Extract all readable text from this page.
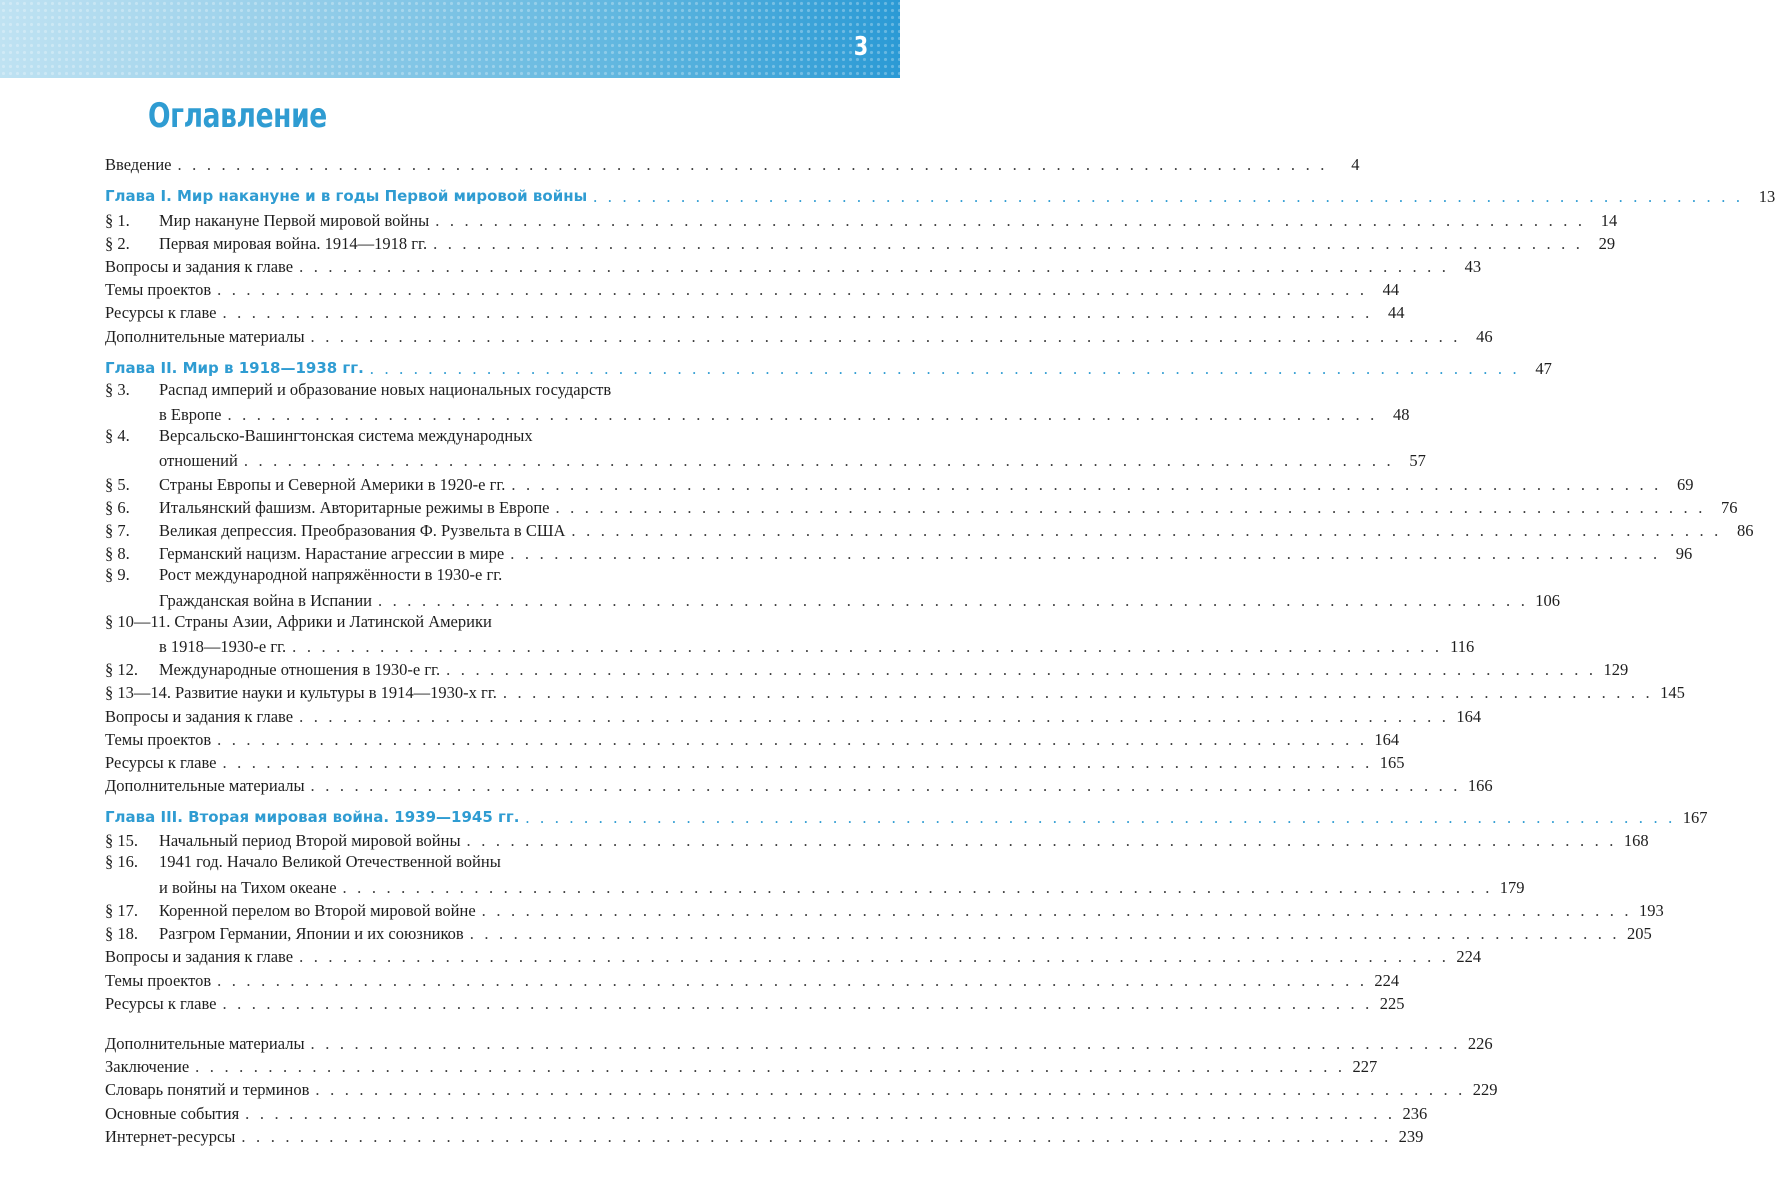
3
Оглавление
Введение . . . . . . . . . . . . . . . . . . . . . . . . . . . . . . . . . . . . . . . . . . . . . . . . . . . . . . . . . . . . . . . . . . . . . . . . . . . . . . .	4
Глава I. Мир накануне и в годы Первой мировой войны . . . . . . . . . . . . . . . . . . . . . . . . . . . . . . . . . . . . . . . . . . . . . . . . . . . . . . . . . . . . . . . . . . . . . . . . . . . . . . . 13
§ 1.	Мир накануне Первой мировой войны . . . . . . . . . . . . . . . . . . . . . . . . . . . . . . . . . . . . . . . . . . . . . . . . . . . . . . . . . . . . . . . . . . . . . . . . . . . . . . . 14
§ 2.	Первая мировая война. 1914—1918 гг. . . . . . . . . . . . . . . . . . . . . . . . . . . . . . . . . . . . . . . . . . . . . . . . . . . . . . . . . . . . . . . . . . . . . . . . . . . . . . . . 29
Вопросы и задания к главе . . . . . . . . . . . . . . . . . . . . . . . . . . . . . . . . . . . . . . . . . . . . . . . . . . . . . . . . . . . . . . . . . . . . . . . . . . . . . . . 43
Темы проектов . . . . . . . . . . . . . . . . . . . . . . . . . . . . . . . . . . . . . . . . . . . . . . . . . . . . . . . . . . . . . . . . . . . . . . . . . . . . . . . 44
Ресурсы к главе . . . . . . . . . . . . . . . . . . . . . . . . . . . . . . . . . . . . . . . . . . . . . . . . . . . . . . . . . . . . . . . . . . . . . . . . . . . . . . . 44
Дополнительные материалы . . . . . . . . . . . . . . . . . . . . . . . . . . . . . . . . . . . . . . . . . . . . . . . . . . . . . . . . . . . . . . . . . . . . . . . . . . . . . . . 46
Глава II. Мир в 1918—1938 гг. . . . . . . . . . . . . . . . . . . . . . . . . . . . . . . . . . . . . . . . . . . . . . . . . . . . . . . . . . . . . . . . . . . . . . . . . . . . . . . . 47
§ 3.	Распад империй и образование новых национальных государств
в Европе . . . . . . . . . . . . . . . . . . . . . . . . . . . . . . . . . . . . . . . . . . . . . . . . . . . . . . . . . . . . . . . . . . . . . . . . . . . . . . . 48
§ 4.	Версальско-Вашингтонская система международных
отношений . . . . . . . . . . . . . . . . . . . . . . . . . . . . . . . . . . . . . . . . . . . . . . . . . . . . . . . . . . . . . . . . . . . . . . . . . . . . . . . 57
§ 5.	Страны Европы и Северной Америки в 1920-е гг. . . . . . . . . . . . . . . . . . . . . . . . . . . . . . . . . . . . . . . . . . . . . . . . . . . . . . . . . . . . . . . . . . . . . . . . . . . . . . . . 69
§ 6.	Итальянский фашизм. Авторитарные режимы в Европе . . . . . . . . . . . . . . . . . . . . . . . . . . . . . . . . . . . . . . . . . . . . . . . . . . . . . . . . . . . . . . . . . . . . . . . . . . . . . . . 76
§ 7.	Великая депрессия. Преобразования Ф. Рузвельта в США . . . . . . . . . . . . . . . . . . . . . . . . . . . . . . . . . . . . . . . . . . . . . . . . . . . . . . . . . . . . . . . . . . . . . . . . . . . . . . . 86
§ 8.	Германский нацизм. Нарастание агрессии в мире . . . . . . . . . . . . . . . . . . . . . . . . . . . . . . . . . . . . . . . . . . . . . . . . . . . . . . . . . . . . . . . . . . . . . . . . . . . . . . . 96
§ 9.	Рост международной напряжённости в 1930-е гг.
Гражданская война в Испании . . . . . . . . . . . . . . . . . . . . . . . . . . . . . . . . . . . . . . . . . . . . . . . . . . . . . . . . . . . . . . . . . . . . . . . . . . . . . . . 106
§ 10—11. Страны Азии, Африки и Латинской Америки
в 1918—1930-е гг. . . . . . . . . . . . . . . . . . . . . . . . . . . . . . . . . . . . . . . . . . . . . . . . . . . . . . . . . . . . . . . . . . . . . . . . . . . . . . . . 116
§ 12.	Международные отношения в 1930-е гг. . . . . . . . . . . . . . . . . . . . . . . . . . . . . . . . . . . . . . . . . . . . . . . . . . . . . . . . . . . . . . . . . . . . . . . . . . . . . . . . 129
§ 13—14. Развитие науки и культуры в 1914—1930-х гг. . . . . . . . . . . . . . . . . . . . . . . . . . . . . . . . . . . . . . . . . . . . . . . . . . . . . . . . . . . . . . . . . . . . . . . . . . . . . . . . 145
Вопросы и задания к главе . . . . . . . . . . . . . . . . . . . . . . . . . . . . . . . . . . . . . . . . . . . . . . . . . . . . . . . . . . . . . . . . . . . . . . . . . . . . . . . 164
Темы проектов . . . . . . . . . . . . . . . . . . . . . . . . . . . . . . . . . . . . . . . . . . . . . . . . . . . . . . . . . . . . . . . . . . . . . . . . . . . . . . . 164
Ресурсы к главе . . . . . . . . . . . . . . . . . . . . . . . . . . . . . . . . . . . . . . . . . . . . . . . . . . . . . . . . . . . . . . . . . . . . . . . . . . . . . . . 165
Дополнительные материалы . . . . . . . . . . . . . . . . . . . . . . . . . . . . . . . . . . . . . . . . . . . . . . . . . . . . . . . . . . . . . . . . . . . . . . . . . . . . . . . 166
Глава III. Вторая мировая война. 1939—1945 гг. . . . . . . . . . . . . . . . . . . . . . . . . . . . . . . . . . . . . . . . . . . . . . . . . . . . . . . . . . . . . . . . . . . . . . . . . . . . . . . . 167
§ 15.	Начальный период Второй мировой войны . . . . . . . . . . . . . . . . . . . . . . . . . . . . . . . . . . . . . . . . . . . . . . . . . . . . . . . . . . . . . . . . . . . . . . . . . . . . . . . 168
§ 16.	1941 год. Начало Великой Отечественной войны
и войны на Тихом океане . . . . . . . . . . . . . . . . . . . . . . . . . . . . . . . . . . . . . . . . . . . . . . . . . . . . . . . . . . . . . . . . . . . . . . . . . . . . . . . 179
§ 17.	Коренной перелом во Второй мировой войне . . . . . . . . . . . . . . . . . . . . . . . . . . . . . . . . . . . . . . . . . . . . . . . . . . . . . . . . . . . . . . . . . . . . . . . . . . . . . . . 193
§ 18.	Разгром Германии, Японии и их союзников . . . . . . . . . . . . . . . . . . . . . . . . . . . . . . . . . . . . . . . . . . . . . . . . . . . . . . . . . . . . . . . . . . . . . . . . . . . . . . . 205
Вопросы и задания к главе . . . . . . . . . . . . . . . . . . . . . . . . . . . . . . . . . . . . . . . . . . . . . . . . . . . . . . . . . . . . . . . . . . . . . . . . . . . . . . . 224
Темы проектов . . . . . . . . . . . . . . . . . . . . . . . . . . . . . . . . . . . . . . . . . . . . . . . . . . . . . . . . . . . . . . . . . . . . . . . . . . . . . . . 224
Ресурсы к главе . . . . . . . . . . . . . . . . . . . . . . . . . . . . . . . . . . . . . . . . . . . . . . . . . . . . . . . . . . . . . . . . . . . . . . . . . . . . . . . 225
Дополнительные материалы . . . . . . . . . . . . . . . . . . . . . . . . . . . . . . . . . . . . . . . . . . . . . . . . . . . . . . . . . . . . . . . . . . . . . . . . . . . . . . . 226
Заключение . . . . . . . . . . . . . . . . . . . . . . . . . . . . . . . . . . . . . . . . . . . . . . . . . . . . . . . . . . . . . . . . . . . . . . . . . . . . . . . 227
Словарь понятий и терминов . . . . . . . . . . . . . . . . . . . . . . . . . . . . . . . . . . . . . . . . . . . . . . . . . . . . . . . . . . . . . . . . . . . . . . . . . . . . . . . 229
Основные события . . . . . . . . . . . . . . . . . . . . . . . . . . . . . . . . . . . . . . . . . . . . . . . . . . . . . . . . . . . . . . . . . . . . . . . . . . . . . . . 236
Интернет-ресурсы . . . . . . . . . . . . . . . . . . . . . . . . . . . . . . . . . . . . . . . . . . . . . . . . . . . . . . . . . . . . . . . . . . . . . . . . . . . . . . . 239
